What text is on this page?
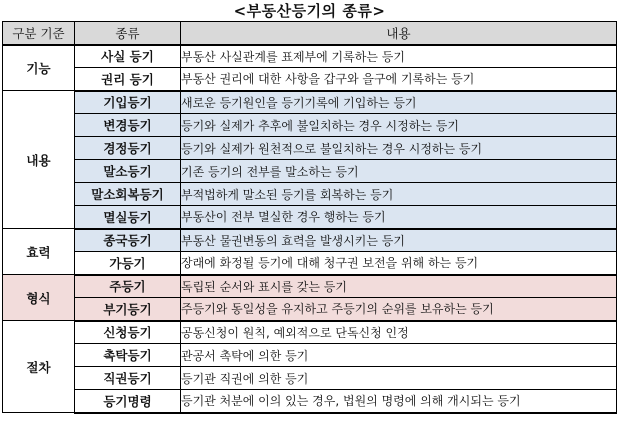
<부동산등기의 종류>
구분 기준	종류	내용
기능	사실 등기	부동산 사실관계를 표제부에 기록하는 등기
	권리 등기	부동산 권리에 대한 사항을 갑구와 을구에 기록하는 등기
내용	기입등기	새로운 등기원인을 등기기록에 기입하는 등기
	변경등기	등기와 실제가 추후에 불일치하는 경우 시정하는 등기
	경정등기	등기와 실제가 원천적으로 불일치하는 경우 시정하는 등기
	말소등기	기존 등기의 전부를 말소하는 등기
	말소회복등기	부적법하게 말소된 등기를 회복하는 등기
	멸실등기	부동산이 전부 멸실한 경우 행하는 등기
효력	종국등기	부동산 물권변동의 효력을 발생시키는 등기
	가등기	장래에 화정될 등기에 대해 청구권 보전을 위해 하는 등기
형식	주등기	독립된 순서와 표시를 갖는 등기
	부기등기	주등기와 동일성을 유지하고 주등기의 순위를 보유하는 등기
절차	신청등기	공동신청이 원칙, 예외적으로 단독신청 인정
	촉탁등기	관공서 촉탁에 의한 등기
	직권등기	등기관 직권에 의한 등기
	등기명령	등기관 처분에 이의 있는 경우, 법원의 명령에 의해 개시되는 등기
